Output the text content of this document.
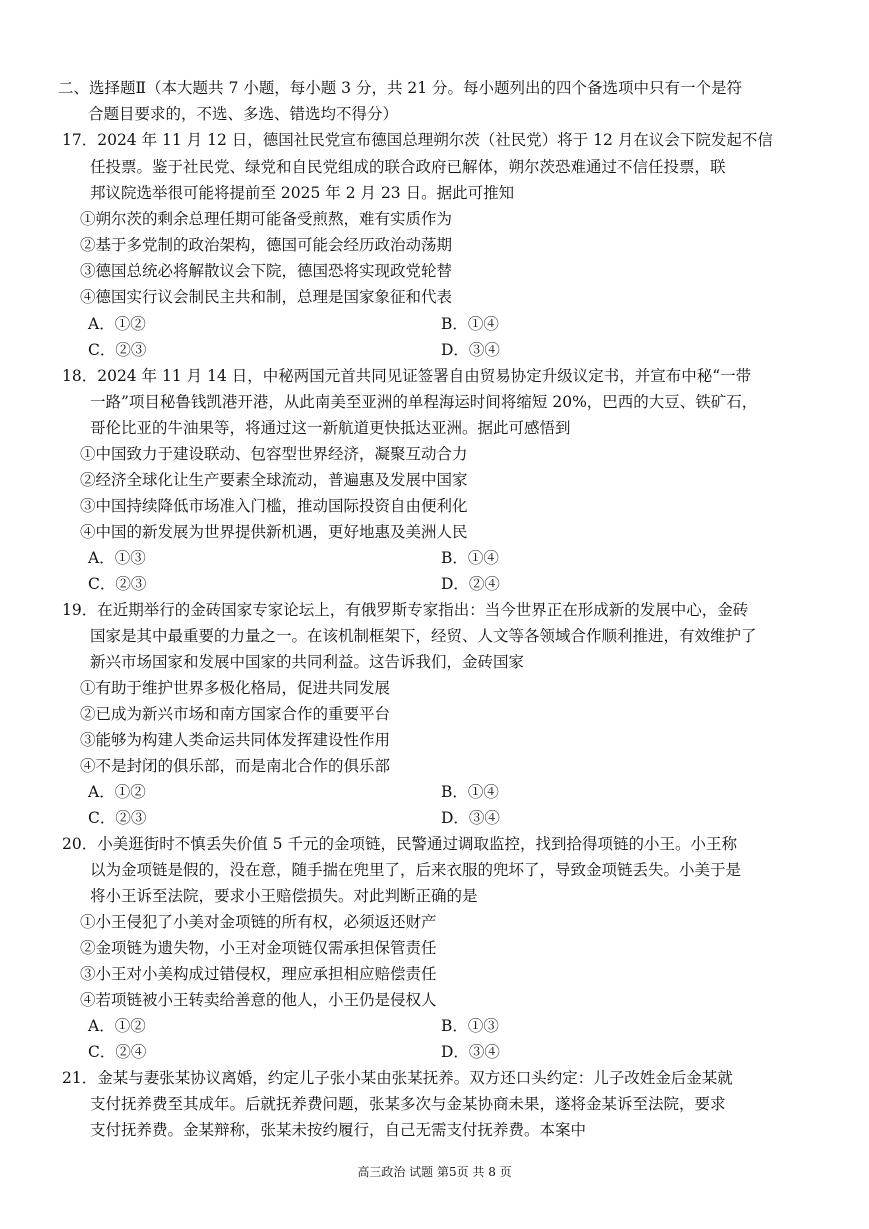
二、选择题Ⅱ（本大题共 7 小题，每小题 3 分，共 21 分。每小题列出的四个备选项中只有一个是符
合题目要求的，不选、多选、错选均不得分）
17．2024 年 11 月 12 日，德国社民党宣布德国总理朔尔茨（社民党）将于 12 月在议会下院发起不信
任投票。鉴于社民党、绿党和自民党组成的联合政府已解体，朔尔茨恐难通过不信任投票，联
邦议院选举很可能将提前至 2025 年 2 月 23 日。据此可推知
①朔尔茨的剩余总理任期可能备受煎熬，难有实质作为
②基于多党制的政治架构，德国可能会经历政治动荡期
③德国总统必将解散议会下院，德国恐将实现政党轮替
④德国实行议会制民主共和制，总理是国家象征和代表
A．①②	B．①④
C．②③	D．③④
18．2024 年 11 月 14 日，中秘两国元首共同见证签署自由贸易协定升级议定书，并宣布中秘“一带
一路”项目秘鲁钱凯港开港，从此南美至亚洲的单程海运时间将缩短 20%，巴西的大豆、铁矿石，
哥伦比亚的牛油果等，将通过这一新航道更快抵达亚洲。据此可感悟到
①中国致力于建设联动、包容型世界经济，凝聚互动合力
②经济全球化让生产要素全球流动，普遍惠及发展中国家
③中国持续降低市场准入门槛，推动国际投资自由便利化
④中国的新发展为世界提供新机遇，更好地惠及美洲人民
A．①③	B．①④
C．②③	D．②④
19．在近期举行的金砖国家专家论坛上，有俄罗斯专家指出：当今世界正在形成新的发展中心，金砖
国家是其中最重要的力量之一。在该机制框架下，经贸、人文等各领域合作顺利推进，有效维护了
新兴市场国家和发展中国家的共同利益。这告诉我们，金砖国家
①有助于维护世界多极化格局，促进共同发展
②已成为新兴市场和南方国家合作的重要平台
③能够为构建人类命运共同体发挥建设性作用
④不是封闭的俱乐部，而是南北合作的俱乐部
A．①②	B．①④
C．②③	D．③④
20．小美逛街时不慎丢失价值 5 千元的金项链，民警通过调取监控，找到拾得项链的小王。小王称
以为金项链是假的，没在意，随手揣在兜里了，后来衣服的兜坏了，导致金项链丢失。小美于是
将小王诉至法院，要求小王赔偿损失。对此判断正确的是
①小王侵犯了小美对金项链的所有权，必须返还财产
②金项链为遗失物，小王对金项链仅需承担保管责任
③小王对小美构成过错侵权，理应承担相应赔偿责任
④若项链被小王转卖给善意的他人，小王仍是侵权人
A．①②	B．①③
C．②④	D．③④
21．金某与妻张某协议离婚，约定儿子张小某由张某抚养。双方还口头约定：儿子改姓金后金某就
支付抚养费至其成年。后就抚养费问题，张某多次与金某协商未果，遂将金某诉至法院，要求
支付抚养费。金某辩称，张某未按约履行，自己无需支付抚养费。本案中
高三政治 试题 第5页 共 8 页
